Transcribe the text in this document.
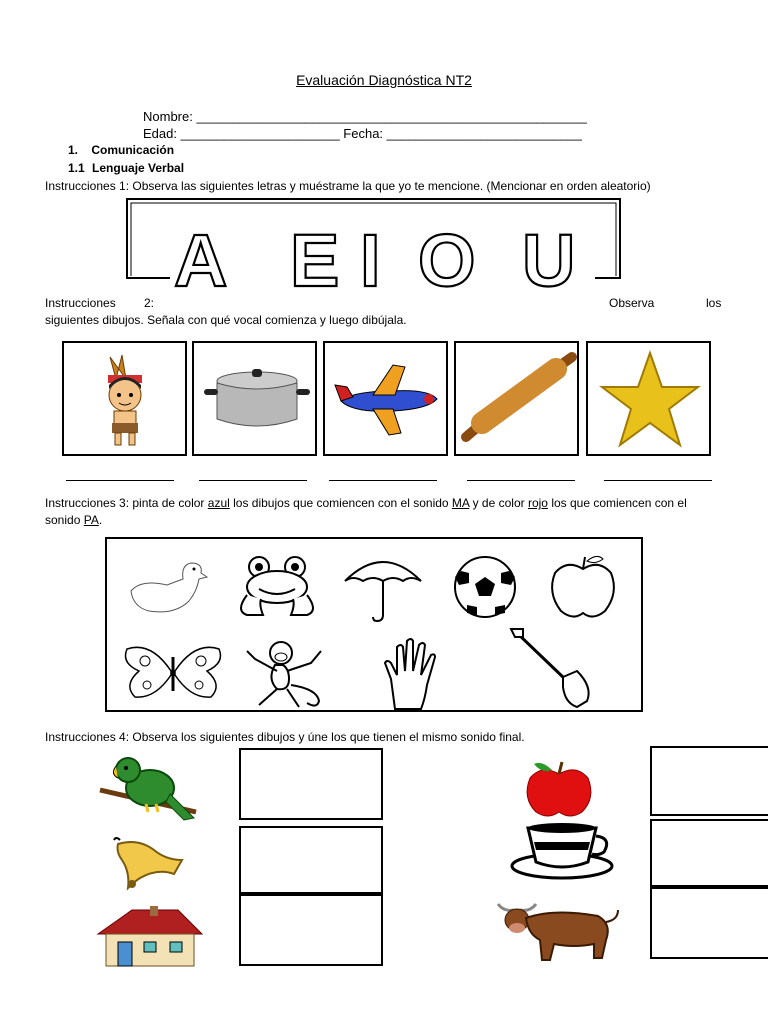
Evaluación Diagnóstica NT2
Nombre: ______________________________________________________
Edad: ______________________ Fecha: ___________________________
1. Comunicación
1.1 Lenguaje Verbal
Instrucciones 1: Observa las siguientes letras y muéstrame la que yo te mencione. (Mencionar en orden aleatorio)
A E I O U
Instrucciones 2:	Observa	los
siguientes dibujos. Señala con qué vocal comienza y luego dibújala.
Instrucciones 3: pinta de color azul los dibujos que comiencen con el sonido MA y de color rojo los que comiencen con el
sonido PA.
Instrucciones 4: Observa los siguientes dibujos y úne los que tienen el mismo sonido final.
